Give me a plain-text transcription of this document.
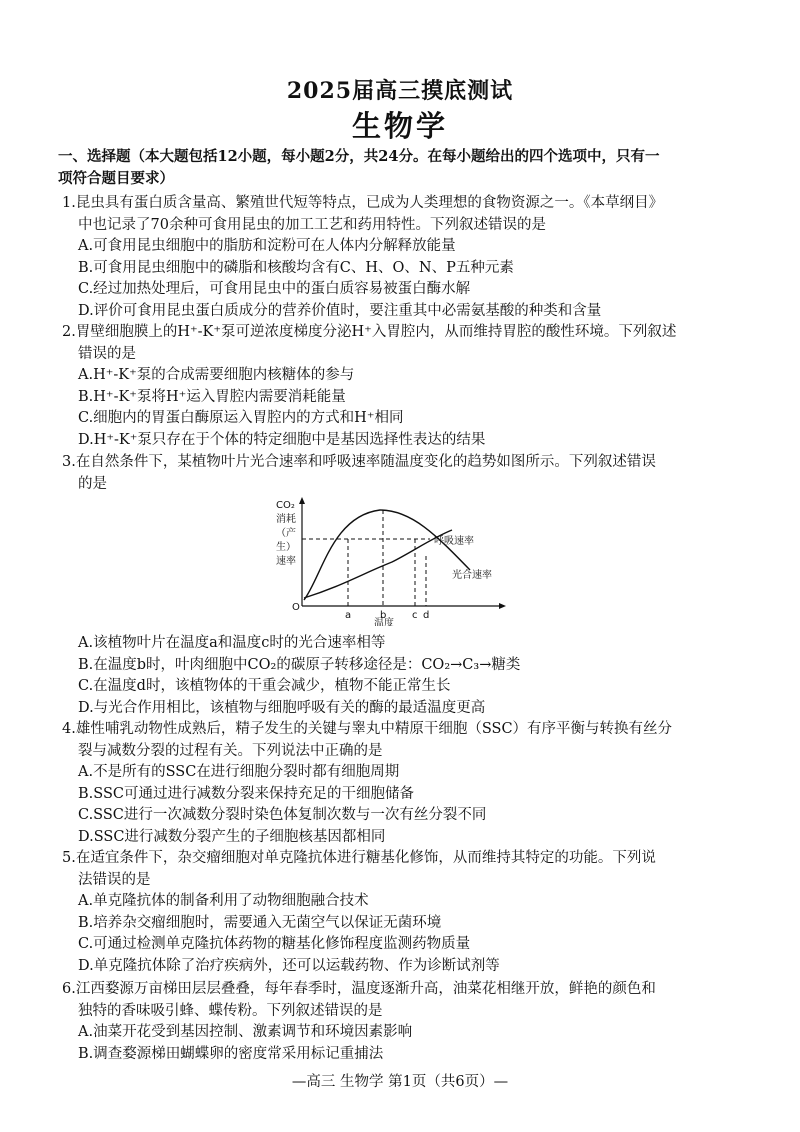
2025届高三摸底测试
生物学
一、选择题（本大题包括12小题，每小题2分，共24分。在每小题给出的四个选项中，只有一
项符合题目要求）
1.昆虫具有蛋白质含量高、繁殖世代短等特点，已成为人类理想的食物资源之一。《本草纲目》
中也记录了70余种可食用昆虫的加工工艺和药用特性。下列叙述错误的是
A.可食用昆虫细胞中的脂肪和淀粉可在人体内分解释放能量
B.可食用昆虫细胞中的磷脂和核酸均含有C、H、O、N、P五种元素
C.经过加热处理后，可食用昆虫中的蛋白质容易被蛋白酶水解
D.评价可食用昆虫蛋白质成分的营养价值时，要注重其中必需氨基酸的种类和含量
2.胃壁细胞膜上的H⁺-K⁺泵可逆浓度梯度分泌H⁺入胃腔内，从而维持胃腔的酸性环境。下列叙述
错误的是
A.H⁺-K⁺泵的合成需要细胞内核糖体的参与
B.H⁺-K⁺泵将H⁺运入胃腔内需要消耗能量
C.细胞内的胃蛋白酶原运入胃腔内的方式和H⁺相同
D.H⁺-K⁺泵只存在于个体的特定细胞中是基因选择性表达的结果
3.在自然条件下，某植物叶片光合速率和呼吸速率随温度变化的趋势如图所示。下列叙述错误
的是
CO₂
消耗
（产
生）
速率
O
a	b	c d
温度
呼吸速率
光合速率
A.该植物叶片在温度a和温度c时的光合速率相等
B.在温度b时，叶肉细胞中CO₂的碳原子转移途径是：CO₂→C₃→糖类
C.在温度d时，该植物体的干重会减少，植物不能正常生长
D.与光合作用相比，该植物与细胞呼吸有关的酶的最适温度更高
4.雄性哺乳动物性成熟后，精子发生的关键与睾丸中精原干细胞（SSC）有序平衡与转换有丝分
裂与减数分裂的过程有关。下列说法中正确的是
A.不是所有的SSC在进行细胞分裂时都有细胞周期
B.SSC可通过进行减数分裂来保持充足的干细胞储备
C.SSC进行一次减数分裂时染色体复制次数与一次有丝分裂不同
D.SSC进行减数分裂产生的子细胞核基因都相同
5.在适宜条件下，杂交瘤细胞对单克隆抗体进行糖基化修饰，从而维持其特定的功能。下列说
法错误的是
A.单克隆抗体的制备利用了动物细胞融合技术
B.培养杂交瘤细胞时，需要通入无菌空气以保证无菌环境
C.可通过检测单克隆抗体药物的糖基化修饰程度监测药物质量
D.单克隆抗体除了治疗疾病外，还可以运载药物、作为诊断试剂等
6.江西婺源万亩梯田层层叠叠，每年春季时，温度逐渐升高，油菜花相继开放，鲜艳的颜色和
独特的香味吸引蜂、蝶传粉。下列叙述错误的是
A.油菜开花受到基因控制、激素调节和环境因素影响
B.调查婺源梯田蝴蝶卵的密度常采用标记重捕法
—高三 生物学 第1页（共6页）—
